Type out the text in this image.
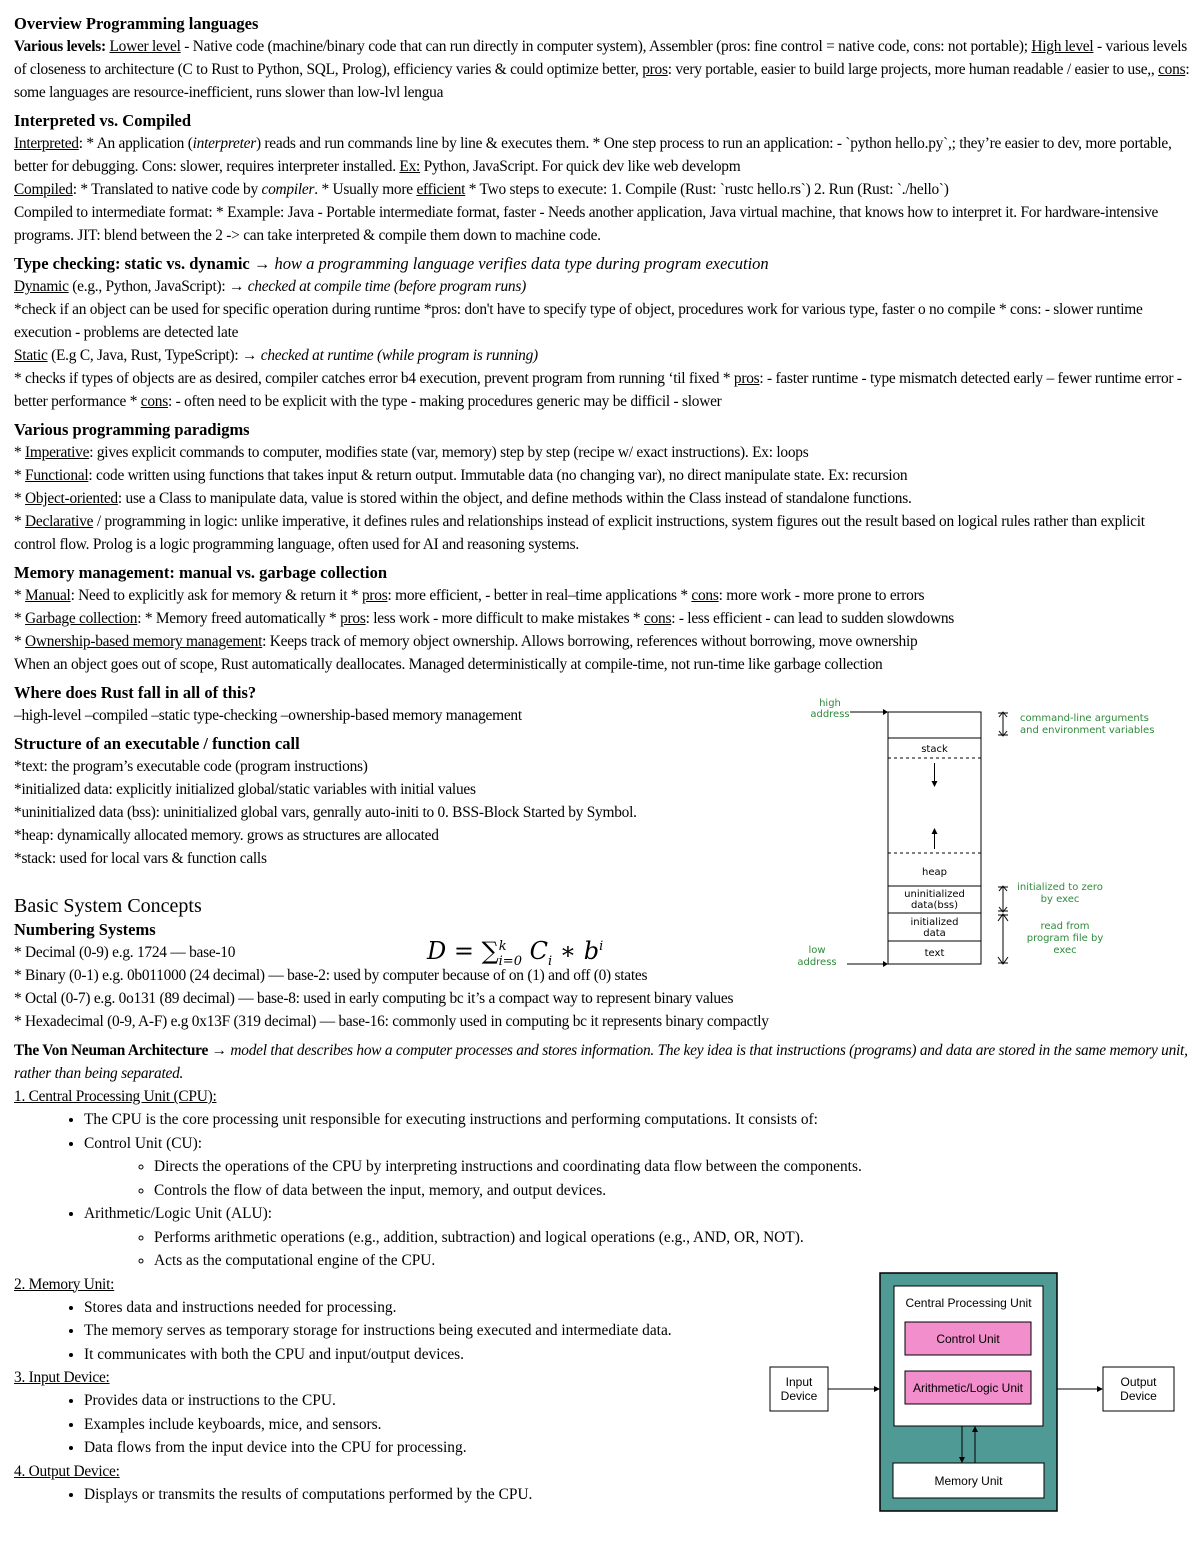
Overview Programming languages
Various levels: Lower level - Native code (machine/binary code that can run directly in computer system), Assembler (pros: fine control = native code, cons: not portable); High level - various levels of closeness to architecture (C to Rust to Python, SQL, Prolog), efficiency varies & could optimize better, pros: very portable, easier to build large projects, more human readable / easier to use,, cons: some languages are resource-inefficient, runs slower than low-lvl lengua
Interpreted vs. Compiled
Interpreted: * An application (interpreter) reads and run commands line by line & executes them. * One step process to run an application: - `python hello.py`,; they’re easier to dev, more portable, better for debugging. Cons: slower, requires interpreter installed. Ex: Python, JavaScript. For quick dev like web developm
Compiled: * Translated to native code by compiler. * Usually more efficient * Two steps to execute: 1. Compile (Rust: `rustc hello.rs`) 2. Run (Rust: `./hello`)
Compiled to intermediate format: * Example: Java - Portable intermediate format, faster - Needs another application, Java virtual machine, that knows how to interpret it. For hardware-intensive programs. JIT: blend between the 2 -> can take interpreted & compile them down to machine code.
Type checking: static vs. dynamic → how a programming language verifies data type during program execution
Dynamic (e.g., Python, JavaScript): → checked at compile time (before program runs)
*check if an object can be used for specific operation during runtime *pros: don't have to specify type of object, procedures work for various type, faster o no compile * cons: - slower runtime execution - problems are detected late
Static (E.g C, Java, Rust, TypeScript): → checked at runtime (while program is running)
* checks if types of objects are as desired, compiler catches error b4 execution, prevent program from running ‘til fixed * pros: - faster runtime - type mismatch detected early – fewer runtime error - better performance * cons: - often need to be explicit with the type - making procedures generic may be difficil - slower
Various programming paradigms
* Imperative: gives explicit commands to computer, modifies state (var, memory) step by step (recipe w/ exact instructions). Ex: loops
* Functional: code written using functions that takes input & return output. Immutable data (no changing var), no direct manipulate state. Ex: recursion
* Object-oriented: use a Class to manipulate data, value is stored within the object, and define methods within the Class instead of standalone functions.
* Declarative / programming in logic: unlike imperative, it defines rules and relationships instead of explicit instructions, system figures out the result based on logical rules rather than explicit control flow. Prolog is a logic programming language, often used for AI and reasoning systems.
Memory management: manual vs. garbage collection
* Manual: Need to explicitly ask for memory & return it * pros: more efficient, - better in real–time applications * cons: more work - more prone to errors
* Garbage collection: * Memory freed automatically * pros: less work - more difficult to make mistakes * cons: - less efficient - can lead to sudden slowdowns
* Ownership-based memory management: Keeps track of memory object ownership. Allows borrowing, references without borrowing, move ownership
When an object goes out of scope, Rust automatically deallocates. Managed deterministically at compile-time, not run-time like garbage collection
Where does Rust fall in all of this?
–high-level –compiled –static type-checking –ownership-based memory management
Structure of an executable / function call
*text: the program’s executable code (program instructions)
*initialized data: explicitly initialized global/static variables with initial values
*uninitialized data (bss): uninitialized global vars, genrally auto-initi to 0. BSS-Block Started by Symbol.
*heap: dynamically allocated memory. grows as structures are allocated
*stack: used for local vars & function calls
Basic System Concepts
Numbering Systems
* Decimal (0-9) e.g. 1724 — base-10
* Binary (0-1) e.g. 0b011000 (24 decimal) — base-2: used by computer because of on (1) and off (0) states
* Octal (0-7) e.g. 0o131 (89 decimal) — base-8: used in early computing bc it’s a compact way to represent binary values
* Hexadecimal (0-9, A-F) e.g 0x13F (319 decimal) — base-16: commonly used in computing bc it represents binary compactly
The Von Neuman Architecture → model that describes how a computer processes and stores information. The key idea is that instructions (programs) and data are stored in the same memory unit, rather than being separated.
1. Central Processing Unit (CPU):
• The CPU is the core processing unit responsible for executing instructions and performing computations. It consists of:
• Control Unit (CU):
◦ Directs the operations of the CPU by interpreting instructions and coordinating data flow between the components.
◦ Controls the flow of data between the input, memory, and output devices.
• Arithmetic/Logic Unit (ALU):
◦ Performs arithmetic operations (e.g., addition, subtraction) and logical operations (e.g., AND, OR, NOT).
◦ Acts as the computational engine of the CPU.
2. Memory Unit:
• Stores data and instructions needed for processing.
• The memory serves as temporary storage for instructions being executed and intermediate data.
• It communicates with both the CPU and input/output devices.
3. Input Device:
• Provides data or instructions to the CPU.
• Examples include keyboards, mice, and sensors.
• Data flows from the input device into the CPU for processing.
4. Output Device:
• Displays or transmits the results of computations performed by the CPU.
D = ∑$^k_{i=0}$ $C_i$ ∗ $b^i$
high
address
stack
heap
uninitialized
data(bss)
initialized
data
text
low
address
command-line arguments
and environment variables
initialized to zero
by exec
read from
program file by
exec
Central Processing Unit
Control Unit
Arithmetic/Logic Unit
Memory Unit
Input
Device
Output
Device
